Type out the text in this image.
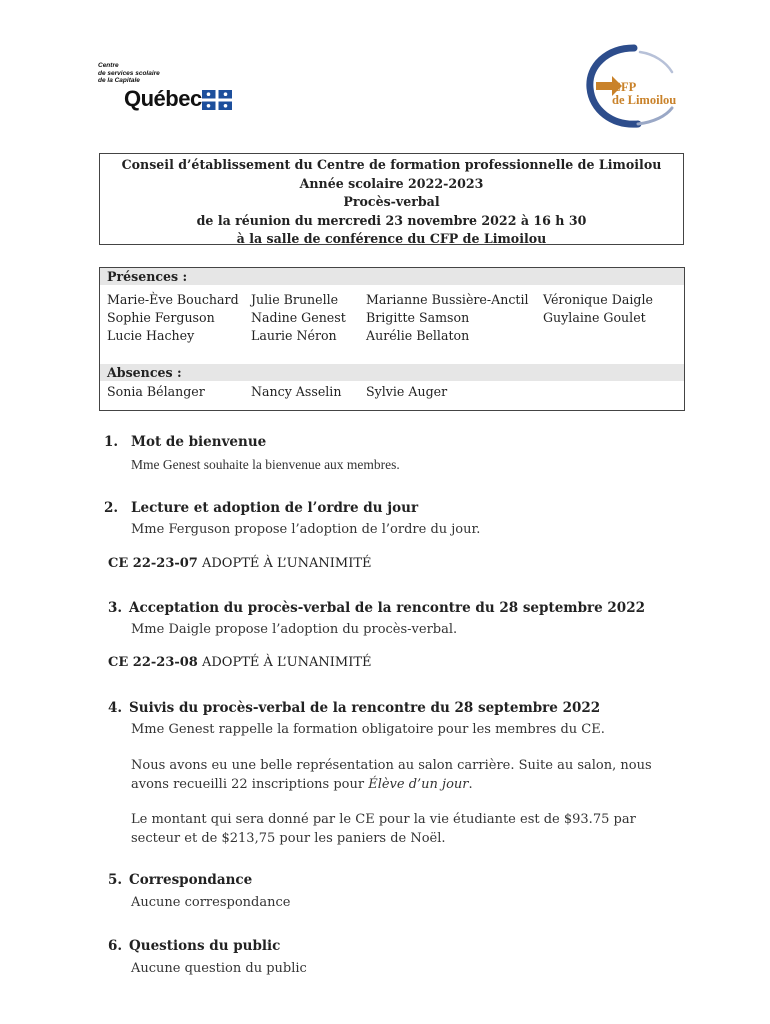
Centre
de services scolaire
de la Capitale
Québec	CFP
de Limoilou
Conseil d’établissement du Centre de formation professionnelle de Limoilou
Année scolaire 2022-2023
Procès-verbal
de la réunion du mercredi 23 novembre 2022 à 16 h 30
à la salle de conférence du CFP de Limoilou
Présences :
Marie-Ève Bouchard
Sophie Ferguson
Lucie Hachey
Julie Brunelle
Nadine Genest
Laurie Néron
Marianne Bussière-Anctil
Brigitte Samson
Aurélie Bellaton
Véronique Daigle
Guylaine Goulet
Absences :
Sonia Bélanger	Nancy Asselin Sylvie Auger
1. Mot de bienvenue
Mme Genest souhaite la bienvenue aux membres.
2. Lecture et adoption de l’ordre du jour
Mme Ferguson propose l’adoption de l’ordre du jour.
CE 22-23-07 ADOPTÉ À L’UNANIMITÉ
3. Acceptation du procès-verbal de la rencontre du 28 septembre 2022
Mme Daigle propose l’adoption du procès-verbal.
CE 22-23-08 ADOPTÉ À L’UNANIMITÉ
4. Suivis du procès-verbal de la rencontre du 28 septembre 2022
Mme Genest rappelle la formation obligatoire pour les membres du CE.
Nous avons eu une belle représentation au salon carrière. Suite au salon, nous avons recueilli 22 inscriptions pour Élève d’un jour.
Le montant qui sera donné par le CE pour la vie étudiante est de $93.75 par secteur et de $213,75 pour les paniers de Noël.
5. Correspondance
Aucune correspondance
6. Questions du public
Aucune question du public
